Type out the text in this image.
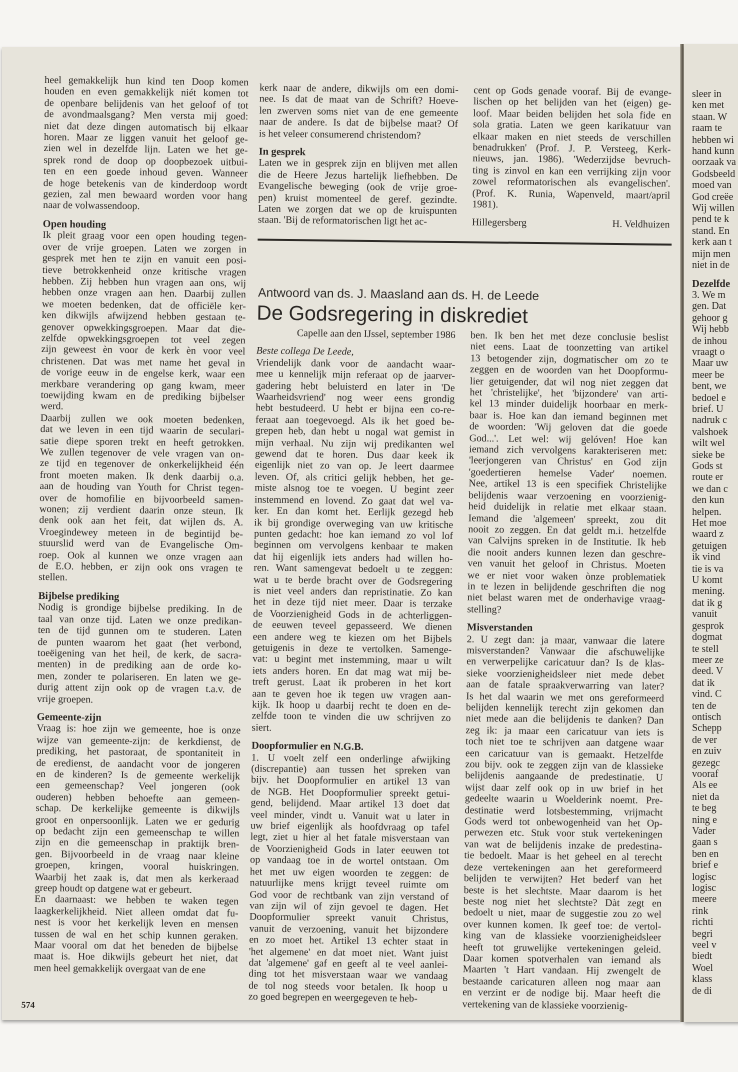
sleer in
ken met
staan. W
raam te
hebben wi
hand kunn
oorzaak va
Godsbeeld
moed van
God creëe
Wij willen
pend te k
stand. En
kerk aan t
mijn men
niet in de
Dezelfde
3. We m
gen. Dat
gehoor g
Wij hebb
de inhou
vraagt o
Maar uw
meer be
bent, we
bedoel e
brief. U
nadruk c
valshoek
wilt wel
sieke be
Gods st
route er
we dan c
den kun
helpen.
Het moe
waard z
getuigen
ik vind
tie is va
U komt
mening.
dat ik g
vanuit
gesprok
dogmat
te stell
meer ze
deed. V
dat ik
vind. C
ten de
ontisch
Schepp
de ver
en zuiv
gezegc
vooraf
Als ee
niet da
te beg
ning e
Vader
gaan s
ben en
brief e
logisc
logisc
meere
rink
richti
begri
veel v
biedt
Woel
klass
de di
heel gemakkelijk hun kind ten Doop komen
houden en even gemakkelijk niét komen tot
de openbare belijdenis van het geloof of tot
de avondmaalsgang? Men versta mij goed:
niet dat deze dingen automatisch bij elkaar
horen. Maar ze liggen vanuit het geloof ge-
zien wel in dezelfde lijn. Laten we het ge-
sprek rond de doop op doopbezoek uitbui-
ten en een goede inhoud geven. Wanneer
de hoge betekenis van de kinderdoop wordt
gezien, zal men bewaard worden voor hang
naar de volwassendoop.
Open houding
Ik pleit graag voor een open houding tegen-
over de vrije groepen. Laten we zorgen in
gesprek met hen te zijn en vanuit een posi-
tieve betrokkenheid onze kritische vragen
hebben. Zij hebben hun vragen aan ons, wij
hebben onze vragen aan hen. Daarbij zullen
we moeten bedenken, dat de officiële ker-
ken dikwijls afwijzend hebben gestaan te-
genover opwekkingsgroepen. Maar dat die-
zelfde opwekkingsgroepen tot veel zegen
zijn geweest èn voor de kerk èn voor veel
christenen. Dat was met name het geval in
de vorige eeuw in de engelse kerk, waar een
merkbare verandering op gang kwam, meer
toewijding kwam en de prediking bijbelser
werd.
Daarbij zullen we ook moeten bedenken,
dat we leven in een tijd waarin de seculari-
satie diepe sporen trekt en heeft getrokken.
We zullen tegenover de vele vragen van on-
ze tijd en tegenover de onkerkelijkheid één
front moeten maken. Ik denk daarbij o.a.
aan de houding van Youth for Christ tegen-
over de homofilie en bijvoorbeeld samen-
wonen; zij verdient daarin onze steun. Ik
denk ook aan het feit, dat wijlen ds. A.
Vroegindewey meteen in de begintijd be-
stuurslid werd van de Evangelische Om-
roep. Ook al kunnen we onze vragen aan
de E.O. hebben, er zijn ook ons vragen te
stellen.
Bijbelse prediking
Nodig is grondige bijbelse prediking. In de
taal van onze tijd. Laten we onze predikan-
ten de tijd gunnen om te studeren. Laten
de punten waarom het gaat (het verbond,
toeëigening van het heil, de kerk, de sacra-
menten) in de prediking aan de orde ko-
men, zonder te polariseren. En laten we ge-
durig attent zijn ook op de vragen t.a.v. de
vrije groepen.
Gemeente-zijn
Vraag is: hoe zijn we gemeente, hoe is onze
wijze van gemeente-zijn: de kerkdienst, de
prediking, het pastoraat, de spontaniteit in
de eredienst, de aandacht voor de jongeren
en de kinderen? Is de gemeente werkelijk
een gemeenschap? Veel jongeren (ook
ouderen) hebben behoefte aan gemeen-
schap. De kerkelijke gemeente is dikwijls
groot en onpersoonlijk. Laten we er gedurig
op bedacht zijn een gemeenschap te willen
zijn en die gemeenschap in praktijk bren-
gen. Bijvoorbeeld in de vraag naar kleine
groepen, kringen, vooral huiskringen.
Waarbij het zaak is, dat men als kerkeraad
greep houdt op datgene wat er gebeurt.
En daarnaast: we hebben te waken tegen
laagkerkelijkheid. Niet alleen omdat dat fu-
nest is voor het kerkelijk leven en mensen
tussen de wal en het schip kunnen geraken.
Maar vooral om dat het beneden de bijbelse
maat is. Hoe dikwijls gebeurt het niet, dat
men heel gemakkelijk overgaat van de ene
kerk naar de andere, dikwijls om een domi-
nee. Is dat de maat van de Schrift? Hoeve-
len zwerven soms niet van de ene gemeente
naar de andere. Is dat de bijbelse maat? Of
is het veleer consumerend christendom?
In gesprek
Laten we in gesprek zijn en blijven met allen
die de Heere Jezus hartelijk liefhebben. De
Evangelische beweging (ook de vrije groe-
pen) kruist momenteel de geref. gezindte.
Laten we zorgen dat we op de kruispunten
staan. 'Bij de reformatorischen ligt het ac-
cent op Gods genade vooraf. Bij de evange-
lischen op het belijden van het (eigen) ge-
loof. Maar beiden belijden het sola fide en
sola gratia. Laten we geen karikatuur van
elkaar maken en niet steeds de verschillen
benadrukken' (Prof. J. P. Versteeg, Kerk-
nieuws, jan. 1986). 'Wederzijdse bevruch-
ting is zinvol en kan een verrijking zijn voor
zowel reformatorischen als evangelischen'.
(Prof. K. Runia, Wapenveld, maart/april
1981).
Hillegersberg	H. Veldhuizen
Antwoord van ds. J. Maasland aan ds. H. de Leede
De Godsregering in diskrediet
Capelle aan den IJssel, september 1986
Beste collega De Leede,
Vriendelijk dank voor de aandacht waar-
mee u kennelijk mijn referaat op de jaarver-
gadering hebt beluisterd en later in 'De
Waarheidsvriend' nog weer eens grondig
hebt bestudeerd. U hebt er bijna een co-re-
feraat aan toegevoegd. Als ik het goed be-
grepen heb, dan hebt u nogal wat gemist in
mijn verhaal. Nu zijn wij predikanten wel
gewend dat te horen. Dus daar keek ik
eigenlijk niet zo van op. Je leert daarmee
leven. Of, als critici gelijk hebben, het ge-
miste alsnog toe te voegen. U begint zeer
instemmend en lovend. Zo gaat dat wel va-
ker. En dan komt het. Eerlijk gezegd heb
ik bij grondige overweging van uw kritische
punten gedacht: hoe kan iemand zo vol lof
beginnen om vervolgens kenbaar te maken
dat hij eigenlijk iets anders had willen ho-
ren. Want samengevat bedoelt u te zeggen:
wat u te berde bracht over de Godsregering
is niet veel anders dan repristinatie. Zo kan
het in deze tijd niet meer. Daar is terzake
de Voorzienigheid Gods in de achterliggen-
de eeuwen teveel gepasseerd. We dienen
een andere weg te kiezen om het Bijbels
getuigenis in deze te vertolken. Samenge-
vat: u begint met instemming, maar u wilt
iets anders horen. En dat mag wat mij be-
treft gerust. Laat ik proberen in het kort
aan te geven hoe ik tegen uw vragen aan-
kijk. Ik hoop u daarbij recht te doen en de-
zelfde toon te vinden die uw schrijven zo
siert.
Doopformulier en N.G.B.
1. U voelt zelf een onderlinge afwijking
(discrepantie) aan tussen het spreken van
bijv. het Doopformulier en artikel 13 van
de NGB. Het Doopformulier spreekt getui-
gend, belijdend. Maar artikel 13 doet dat
veel minder, vindt u. Vanuit wat u later in
uw brief eigenlijk als hoofdvraag op tafel
legt, ziet u hier al het fatale misverstaan van
de Voorzienigheid Gods in later eeuwen tot
op vandaag toe in de wortel ontstaan. Om
het met uw eigen woorden te zeggen: de
natuurlijke mens krijgt teveel ruimte om
God voor de rechtbank van zijn verstand of
van zijn wil of zijn gevoel te dagen. Het
Doopformulier spreekt vanuit Christus,
vanuit de verzoening, vanuit het bijzondere
en zo moet het. Artikel 13 echter staat in
'het algemene' en dat moet niet. Want juist
dat 'algemene' gaf en geeft al te veel aanlei-
ding tot het misverstaan waar we vandaag
de tol nog steeds voor betalen. Ik hoop u
zo goed begrepen en weergegeven te heb-
ben. Ik ben het met deze conclusie beslist
niet eens. Laat de toonzetting van artikel
13 betogender zijn, dogmatischer om zo te
zeggen en de woorden van het Doopformu-
lier getuigender, dat wil nog niet zeggen dat
het 'christelijke', het 'bijzondere' van arti-
kel 13 minder duidelijk hoorbaar en merk-
baar is. Hoe kan dan iemand beginnen met
de woorden: 'Wij geloven dat die goede
God...'. Let wel: wij gelóven! Hoe kan
iemand zich vervolgens karakteriseren met:
'leerjongeren van Christus' en God zijn
'goedertieren hemelse Vader' noemen.
Nee, artikel 13 is een specifiek Christelijke
belijdenis waar verzoening en voorzienig-
heid duidelijk in relatie met elkaar staan.
Iemand die 'algemeen' spreekt, zou dit
nooit zo zeggen. En dat geldt m.i. hetzelfde
van Calvijns spreken in de Institutie. Ik heb
die nooit anders kunnen lezen dan geschre-
ven vanuit het geloof in Christus. Moeten
we er niet voor waken ònze problematiek
in te lezen in belijdende geschriften die nog
niet belast waren met de onderhavige vraag-
stelling?
Misverstanden
2. U zegt dan: ja maar, vanwaar die latere
misverstanden? Vanwaar die afschuwelijke
en verwerpelijke caricatuur dan? Is de klas-
sieke voorzienigheidsleer niet mede debet
aan de fatale spraakverwarring van later?
Is het dal waarin we met ons gereformeerd
belijden kennelijk terecht zijn gekomen dan
niet mede aan die belijdenis te danken? Dan
zeg ik: ja maar een caricatuur van iets is
toch niet toe te schrijven aan datgene waar
een caricatuur van is gemaakt. Hetzelfde
zou bijv. ook te zeggen zijn van de klassieke
belijdenis aangaande de predestinatie. U
wijst daar zelf ook op in uw brief in het
gedeelte waarin u Woelderink noemt. Pre-
destinatie werd lotsbestemming, vrijmacht
Gods werd tot onbewogenheid van het Op-
perwezen etc. Stuk voor stuk vertekeningen
van wat de belijdenis inzake de predestina-
tie bedoelt. Maar is het geheel en al terecht
deze vertekeningen aan het gereformeerd
belijden te verwijten? Het bederf van het
beste is het slechtste. Maar daarom is het
beste nog niet het slechtste? Dàt zegt en
bedoelt u niet, maar de suggestie zou zo wel
over kunnen komen. Ik geef toe: de vertol-
king van de klassieke voorzienigheidsleer
heeft tot gruwelijke vertekeningen geleid.
Daar komen spotverhalen van iemand als
Maarten 't Hart vandaan. Hij zwengelt de
bestaande caricaturen alleen nog maar aan
en verzint er de nodige bij. Maar heeft die
vertekening van de klassieke voorzienig-
574
